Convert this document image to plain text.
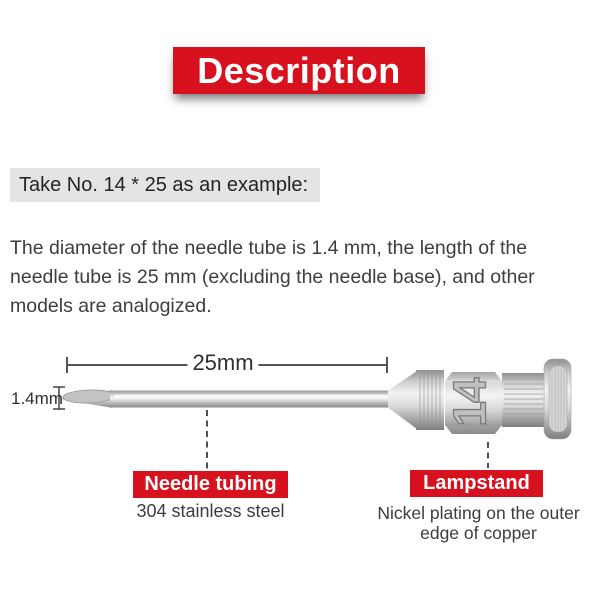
Description
Take No. 14 * 25 as an example:

The diameter of the needle tube is 1.4 mm, the length of the needle tube is 25 mm (excluding the needle base), and other models are analogized.

14
25mm
1.4mm
Needle tubing
304 stainless steel
Lampstand
Nickel plating on the outer edge of copper
